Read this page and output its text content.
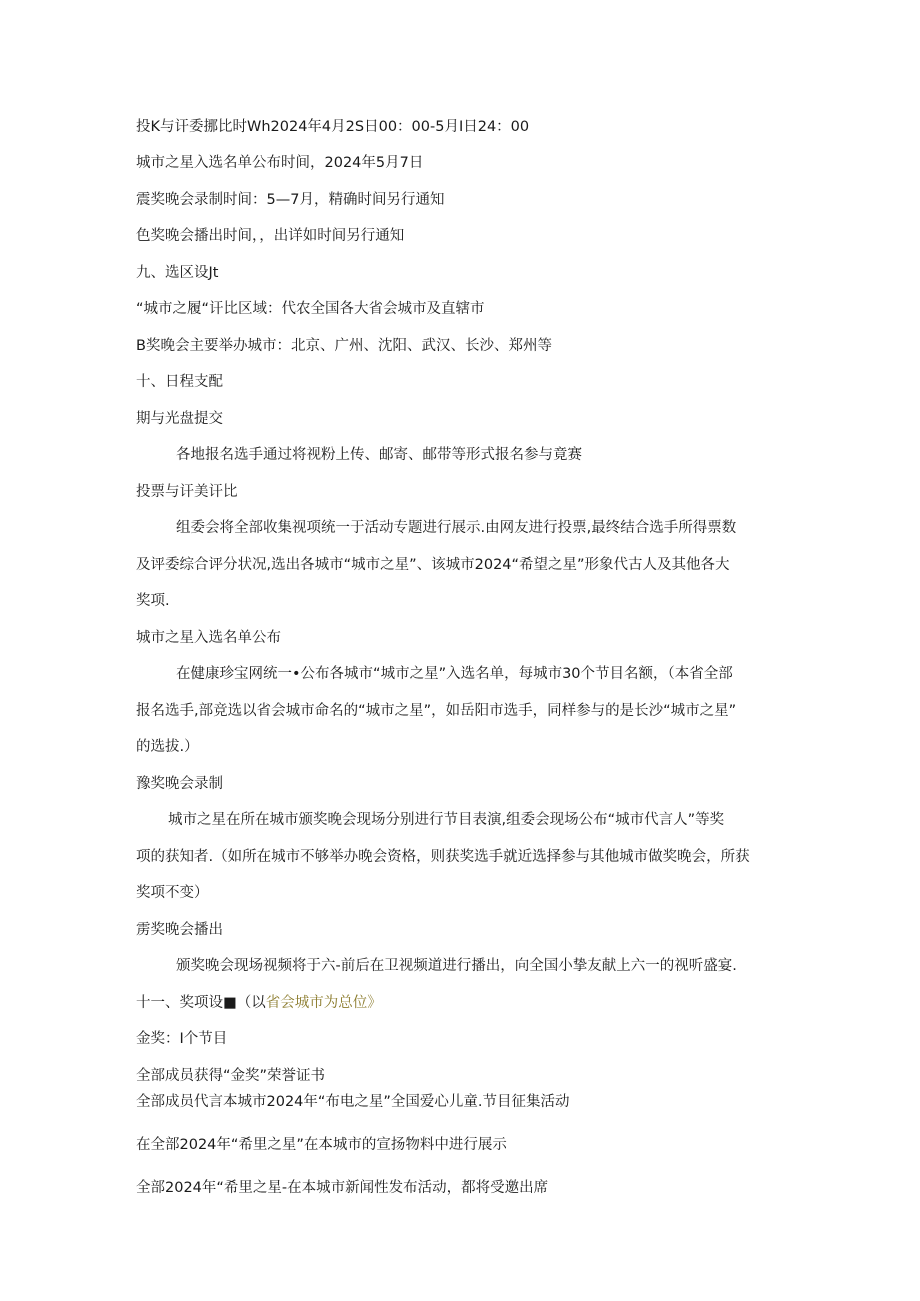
投K与讦委挪比时Wh2024年4月2S日00：00-5月I日24：00
城市之星入选名单公布时间，2024年5月7日
震奖晚会录制时间：5—7月，精确时间另行通知
色奖晚会播出时间，，出详如时间另行通知
九、选区设Jt
“城市之履“讦比区域：代农全国各大省会城市及直辖市
B奖晚会主要举办城市：北京、广州、沈阳、武汉、长沙、郑州等
十、日程支配
期与光盘提交
各地报名选手通过将视粉上传、邮寄、邮带等形式报名参与竟赛
投票与讦美讦比
组委会将全部收集视项统一于活动专题进行展示.由网友进行投票,最终结合选手所得票数
及评委综合评分状况,选出各城市“城市之星”、该城市2024“希望之星”形象代古人及其他各大
奖项.
城市之星入选名单公布
在健康珍宝网统一•公布各城市“城市之星”入选名单，每城市30个节目名额，（本省全部
报名选手,部竞选以省会城市命名的“城市之星”，如岳阳市选手，同样参与的是长沙“城市之星”
的选拔.）
豫奖晚会录制
城市之星在所在城市颁奖晚会现场分别进行节目表演,组委会现场公布“城市代言人”等奖
项的获知者.（如所在城市不够举办晚会资格，则获奖选手就近选择参与其他城市做奖晚会，所获
奖项不变）
雳奖晚会播出
颁奖晚会现场视频将于六-前后在卫视频道进行播出，向全国小挚友献上六一的视听盛宴.
十一、奖项设■（以省会城市为总位》
金奖：I个节目
全部成员获得“金奖”荣誉证书
全部成员代言本城市2024年“布电之星”全国爱心儿童.节目征集活动
在全部2024年“希里之星”在本城市的宣扬物料中进行展示
全部2024年“希里之星-在本城市新闻性发布活动，都将受邀出席
